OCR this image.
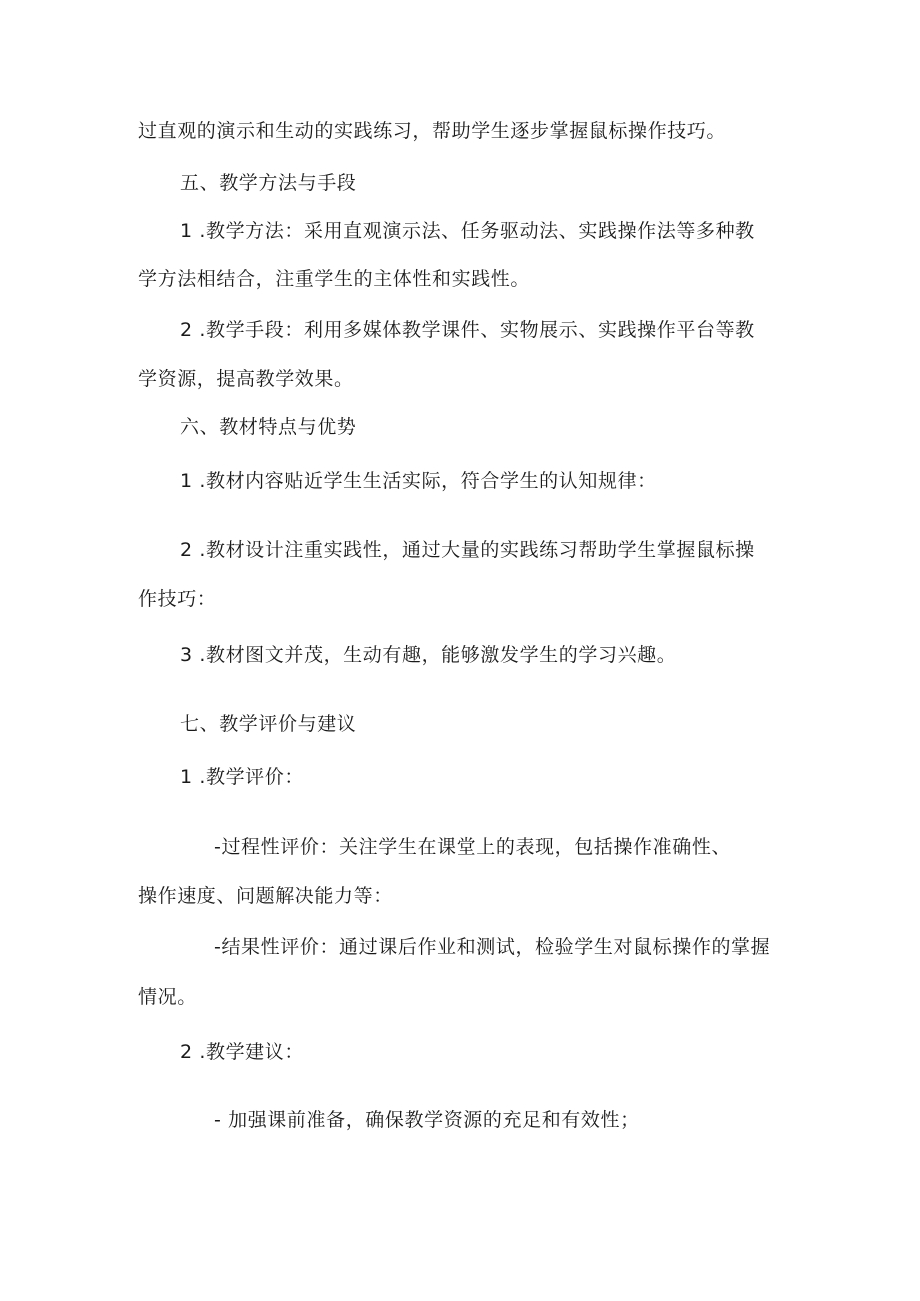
过直观的演示和生动的实践练习，帮助学生逐步掌握鼠标操作技巧。
五、教学方法与手段
1 .教学方法：采用直观演示法、任务驱动法、实践操作法等多种教
学方法相结合，注重学生的主体性和实践性。
2 .教学手段：利用多媒体教学课件、实物展示、实践操作平台等教
学资源，提高教学效果。
六、教材特点与优势
1 .教材内容贴近学生生活实际，符合学生的认知规律：
2 .教材设计注重实践性，通过大量的实践练习帮助学生掌握鼠标操
作技巧：
3 .教材图文并茂，生动有趣，能够激发学生的学习兴趣。
七、教学评价与建议
1 .教学评价：
-过程性评价：关注学生在课堂上的表现，包括操作准确性、
操作速度、问题解决能力等：
-结果性评价：通过课后作业和测试，检验学生对鼠标操作的掌握
情况。
2 .教学建议：
- 加强课前准备，确保教学资源的充足和有效性；
